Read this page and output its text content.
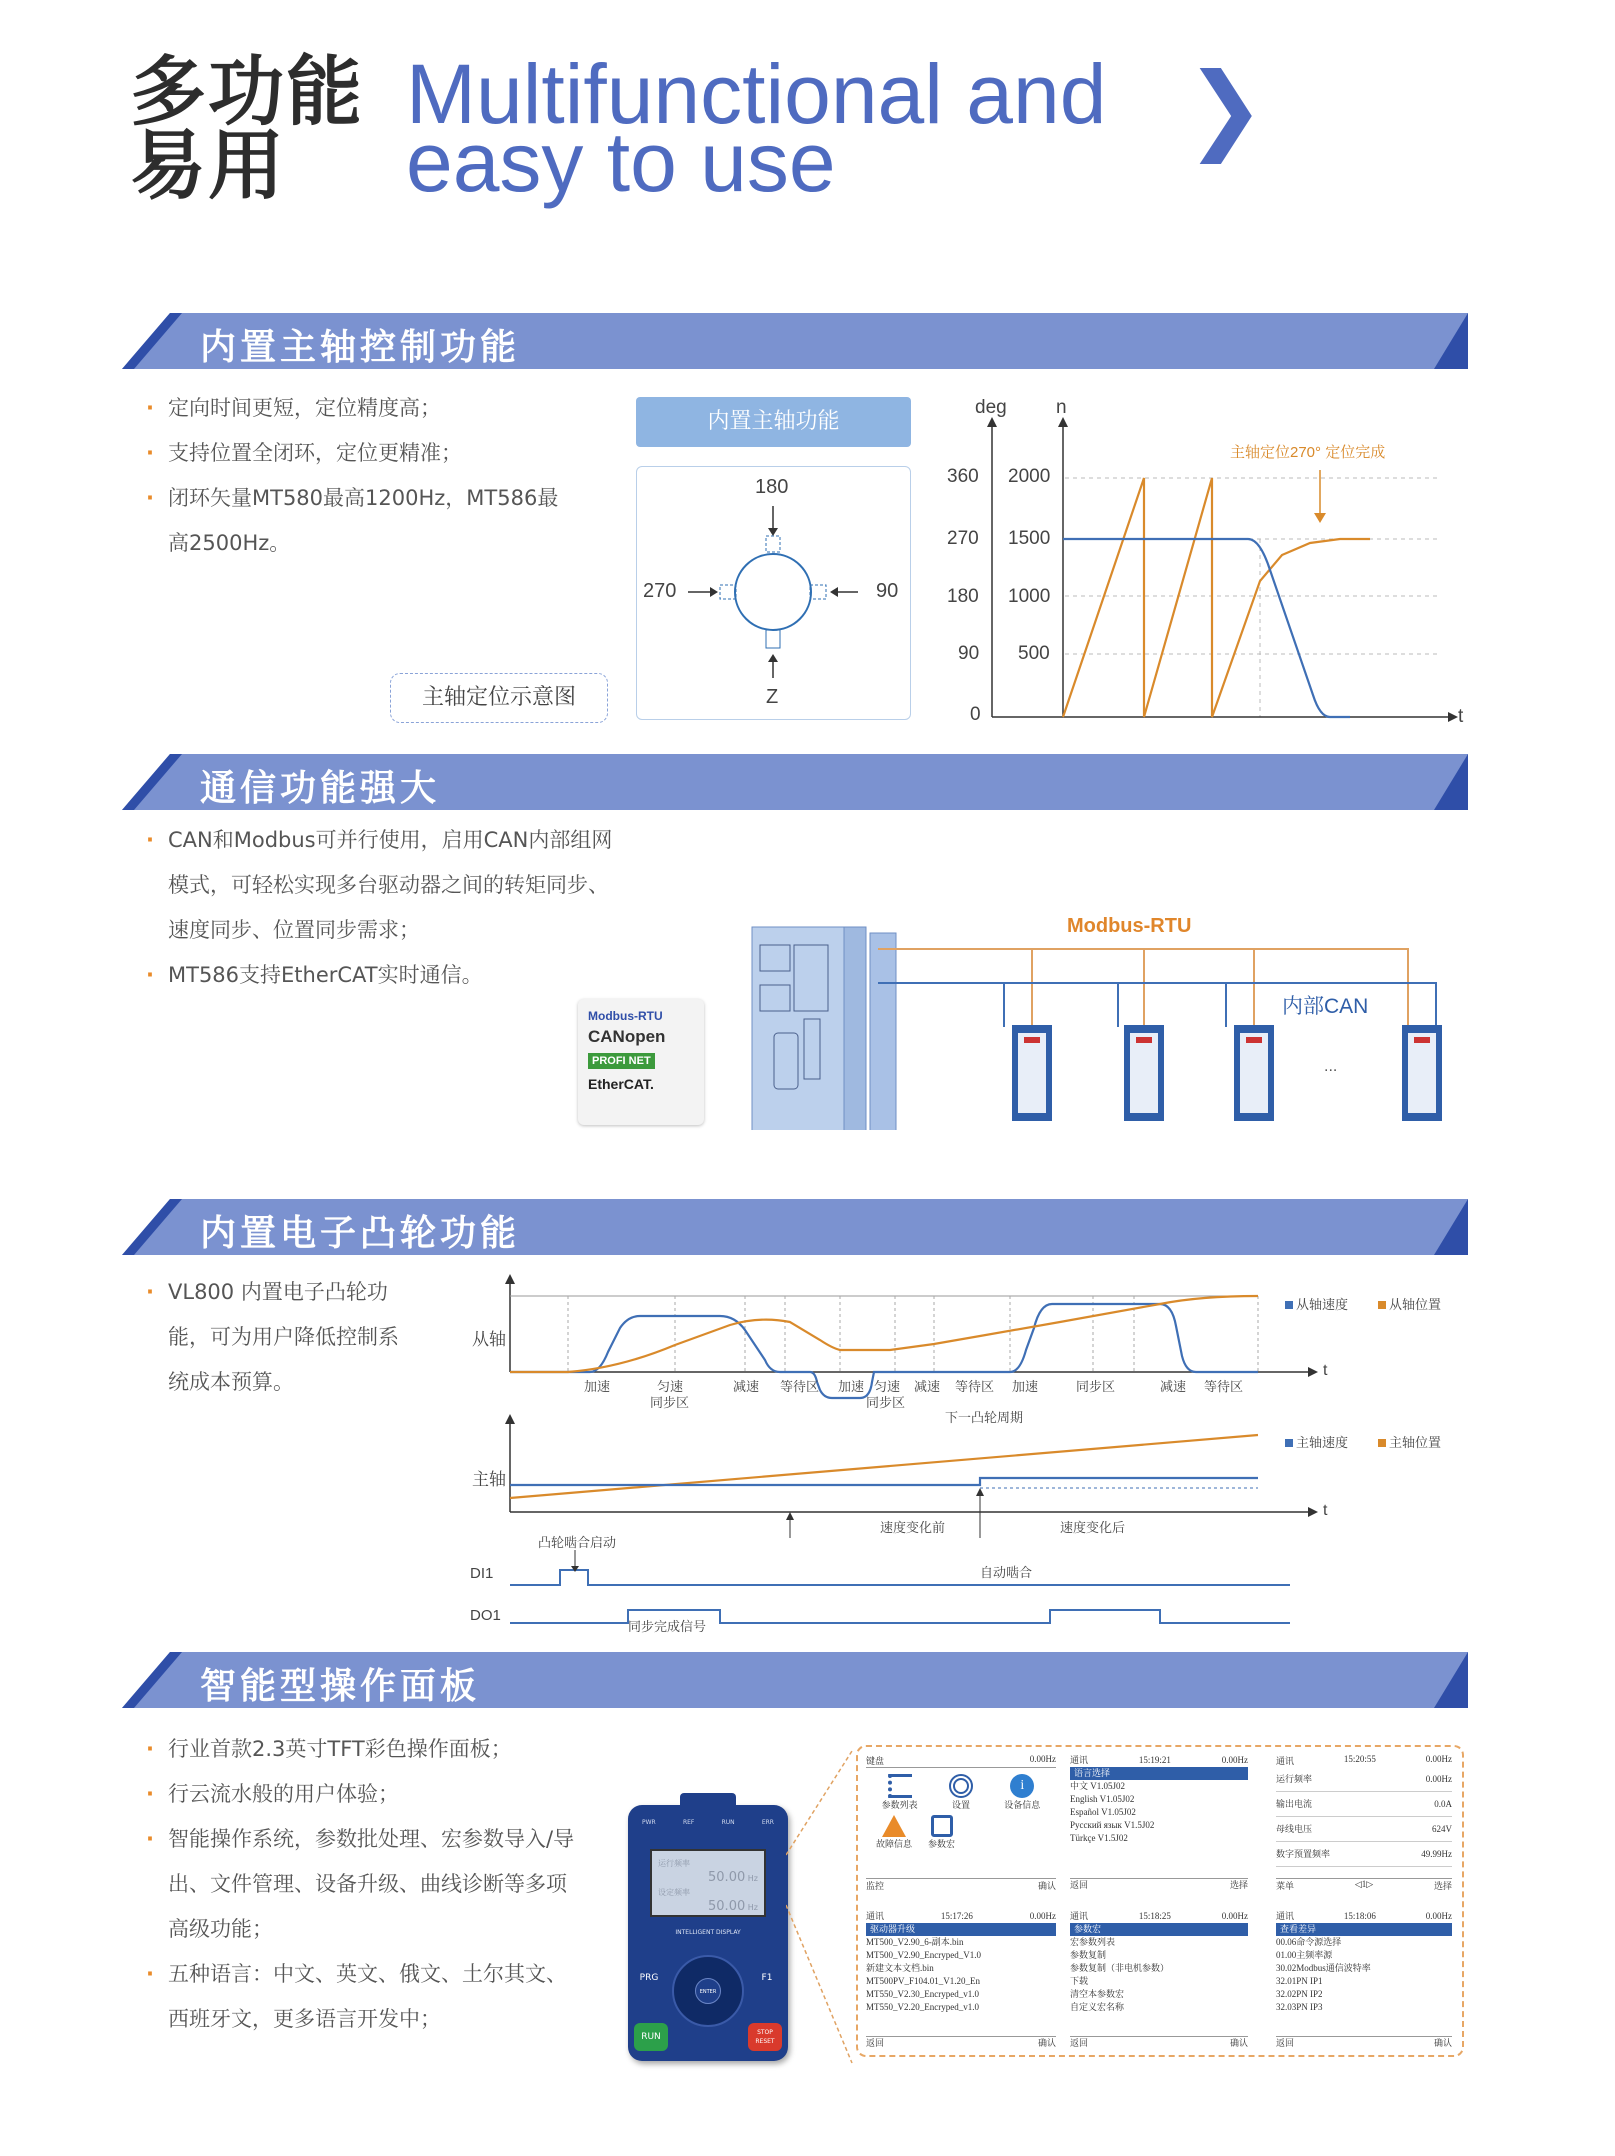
多功能
易用
Multifunctional and
easy to use	❯
内置主轴控制功能
· 定向时间更短，定位精度高；
· 支持位置全闭环，定位更精准；
· 闭环矢量MT580最高1200Hz，MT586最
高2500Hz。
主轴定位示意图
内置主轴功能
180
270	90
Z
deg	n
360
270
180
90
0
2000
1500
1000
500
t
主轴定位270° 定位完成
通信功能强大
· CAN和Modbus可并行使用，启用CAN内部组网
模式，可轻松实现多台驱动器之间的转矩同步、
速度同步、位置同步需求；
· MT586支持EtherCAT实时通信。
Modbus-RTU
CANopen
PROFI NET
EtherCAT.
Modbus-RTU
内部CAN
...
内置电子凸轮功能
· VL800 内置电子凸轮功
能，可为用户降低控制系
统成本预算。
从轴
主轴
t
t
从轴速度	从轴位置
主轴速度	主轴位置
加速	匀速
同步区
减速 等待区 加速 匀速
同步区
减速 等待区 加速	同步区	减速 等待区
下一凸轮周期
速度变化前	速度变化后
凸轮啮合启动
自动啮合
同步完成信号
DI1
DO1
智能型操作面板
· 行业首款2.3英寸TFT彩色操作面板；
· 行云流水般的用户体验；
· 智能操作系统，参数批处理、宏参数导入/导
出、文件管理、设备升级、曲线诊断等多项
高级功能；
· 五种语言：中文、英文、俄文、土尔其文、
西班牙文，更多语言开发中；
PWR	REF	RUN	ERR
运行频率
50.00 Hz
设定频率
50.00 Hz
INTELLIGENT DISPLAY
ENTER
PRG	F1
RUN	STOP RESET
键盘	0.00Hz
参数列表	设置
i
设备信息
故障信息 参数宏
监控	确认
通讯	15:19:21	0.00Hz
语言选择
中文 V1.05J02
English V1.05J02
Español V1.05J02
Русский язык V1.5J02
Türkçe V1.5J02
返回	选择
通讯	15:20:55	0.00Hz
运行频率	0.00Hz
输出电流	0.0A
母线电压	624V
数字预置频率	49.99Hz
菜单	◁1▷	选择
通讯	15:17:26	0.00Hz
驱动器升级
MT500_V2.90_6-副本.bin
MT500_V2.90_Encryped_V1.0
新建文本文档.bin
MT500PV_F104.01_V1.20_En
MT550_V2.30_Encryped_v1.0
MT550_V2.20_Encryped_v1.0
返回	确认
通讯	15:18:25	0.00Hz
参数宏
宏参数列表
参数复制
参数复制（非电机参数）
下载
清空本参数宏
自定义宏名称
返回	确认
通讯	15:18:06	0.00Hz
查看差异
00.06命令源选择
01.00主频率源
30.02Modbus通信波特率
32.01PN IP1
32.02PN IP2
32.03PN IP3
返回	确认
